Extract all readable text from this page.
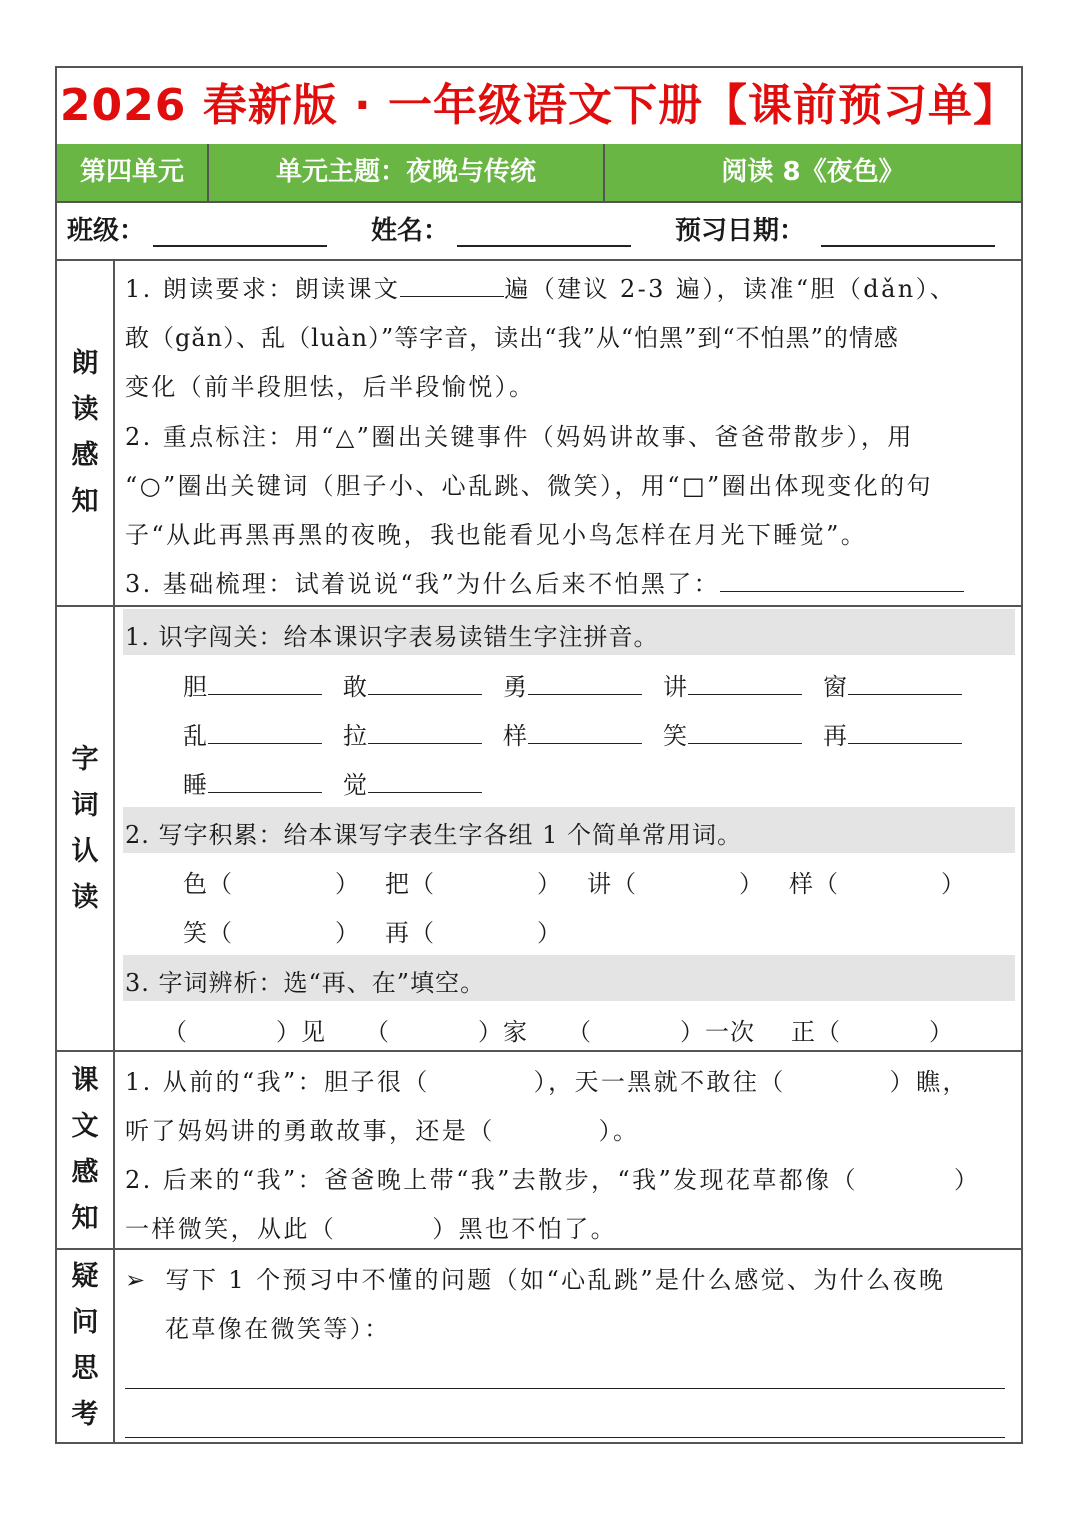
2026 春新版 · 一年级语文下册【课前预习单】
第四单元	单元主题：夜晚与传统	阅读 8《夜色》
班级：	姓名：	预习日期：
朗
读
感
知
1. 朗读要求：朗读课文	遍（建议 2-3 遍），读准“胆（dǎn）、
敢（gǎn）、乱（luàn）”等字音，读出“我”从“怕黑”到“不怕黑”的情感
变化（前半段胆怯，后半段愉悦）。
2. 重点标注：用“△”圈出关键事件（妈妈讲故事、爸爸带散步），用
“○”圈出关键词（胆子小、心乱跳、微笑），用“□”圈出体现变化的句
子“从此再黑再黑的夜晚，我也能看见小鸟怎样在月光下睡觉”。
3. 基础梳理：试着说说“我”为什么后来不怕黑了：
字
词
认
读
1. 识字闯关：给本课识字表易读错生字注拼音。
胆	敢	勇	讲	窗
乱	拉	样	笑	再
睡	觉
2. 写字积累：给本课写字表生字各组 1 个简单常用词。
色（	） 把（	） 讲（	） 样（	）
笑（	） 再（	）
3. 字词辨析：选“再、在”填空。
（	）见 （	）家 （	）一次 正（	）
课
文
感
知
1. 从前的“我”：胆子很（	），天一黑就不敢往（	）瞧，
听了妈妈讲的勇敢故事，还是（	）。
2. 后来的“我”：爸爸晚上带“我”去散步，“我”发现花草都像（	）
一样微笑，从此（	）黑也不怕了。
疑
问
思
考
➢ 写下 1 个预习中不懂的问题（如“心乱跳”是什么感觉、为什么夜晚
花草像在微笑等）：
